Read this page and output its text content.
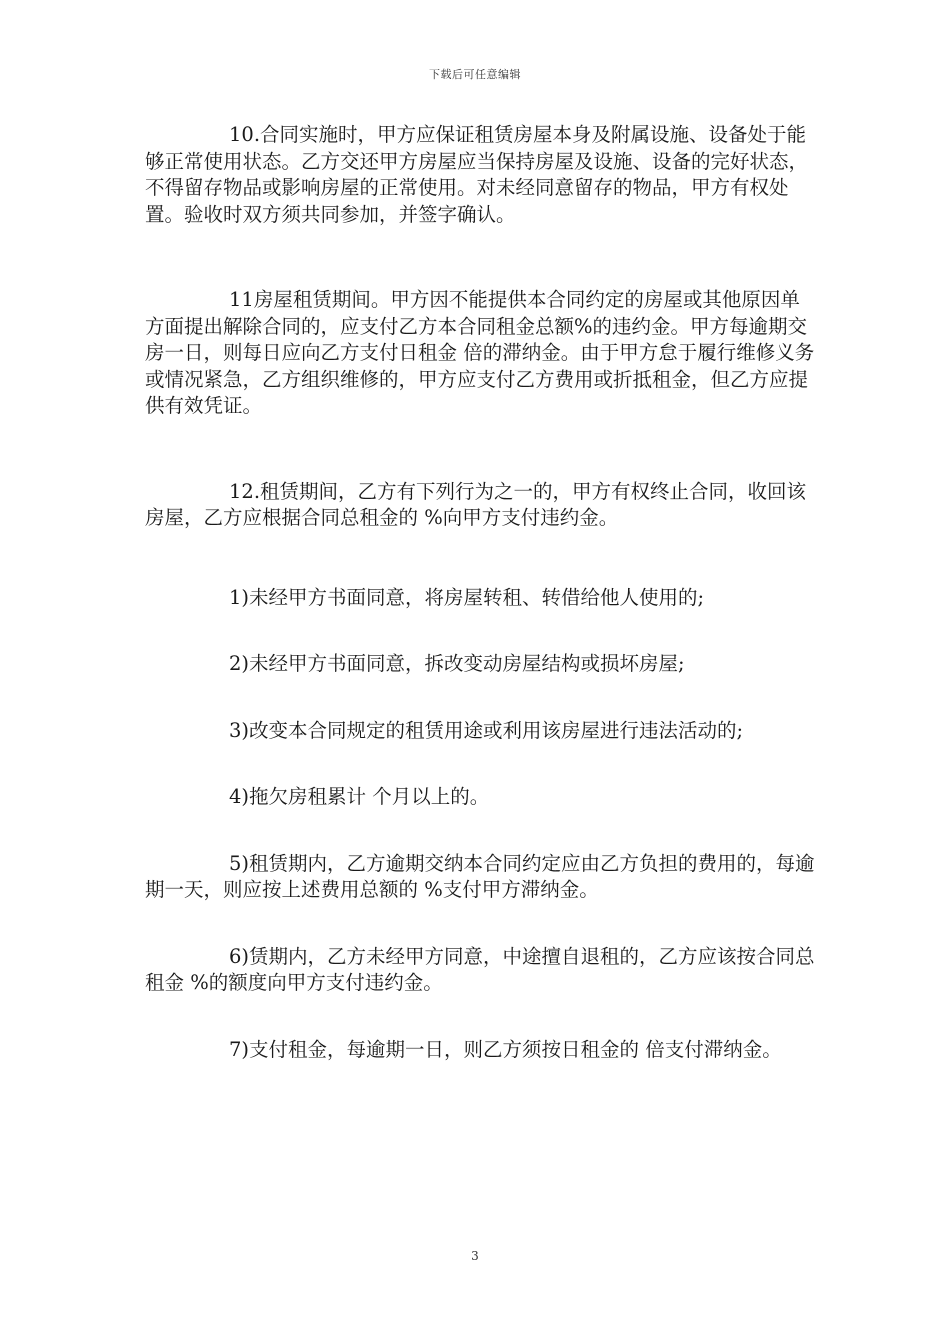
下载后可任意编辑

10.合同实施时，甲方应保证租赁房屋本身及附属设施、设备处于能够正常使用状态。乙方交还甲方房屋应当保持房屋及设施、设备的完好状态，不得留存物品或影响房屋的正常使用。对未经同意留存的物品，甲方有权处置。验收时双方须共同参加，并签字确认。

11房屋租赁期间。甲方因不能提供本合同约定的房屋或其他原因单方面提出解除合同的，应支付乙方本合同租金总额%的违约金。甲方每逾期交房一日，则每日应向乙方支付日租金 倍的滞纳金。由于甲方怠于履行维修义务或情况紧急，乙方组织维修的，甲方应支付乙方费用或折抵租金，但乙方应提供有效凭证。

12.租赁期间，乙方有下列行为之一的，甲方有权终止合同，收回该房屋，乙方应根据合同总租金的 %向甲方支付违约金。

1)未经甲方书面同意，将房屋转租、转借给他人使用的;

2)未经甲方书面同意，拆改变动房屋结构或损坏房屋;

3)改变本合同规定的租赁用途或利用该房屋进行违法活动的;

4)拖欠房租累计 个月以上的。

5)租赁期内，乙方逾期交纳本合同约定应由乙方负担的费用的，每逾期一天，则应按上述费用总额的 %支付甲方滞纳金。

6)赁期内，乙方未经甲方同意，中途擅自退租的，乙方应该按合同总租金 %的额度向甲方支付违约金。

7)支付租金，每逾期一日，则乙方须按日租金的 倍支付滞纳金。

3
